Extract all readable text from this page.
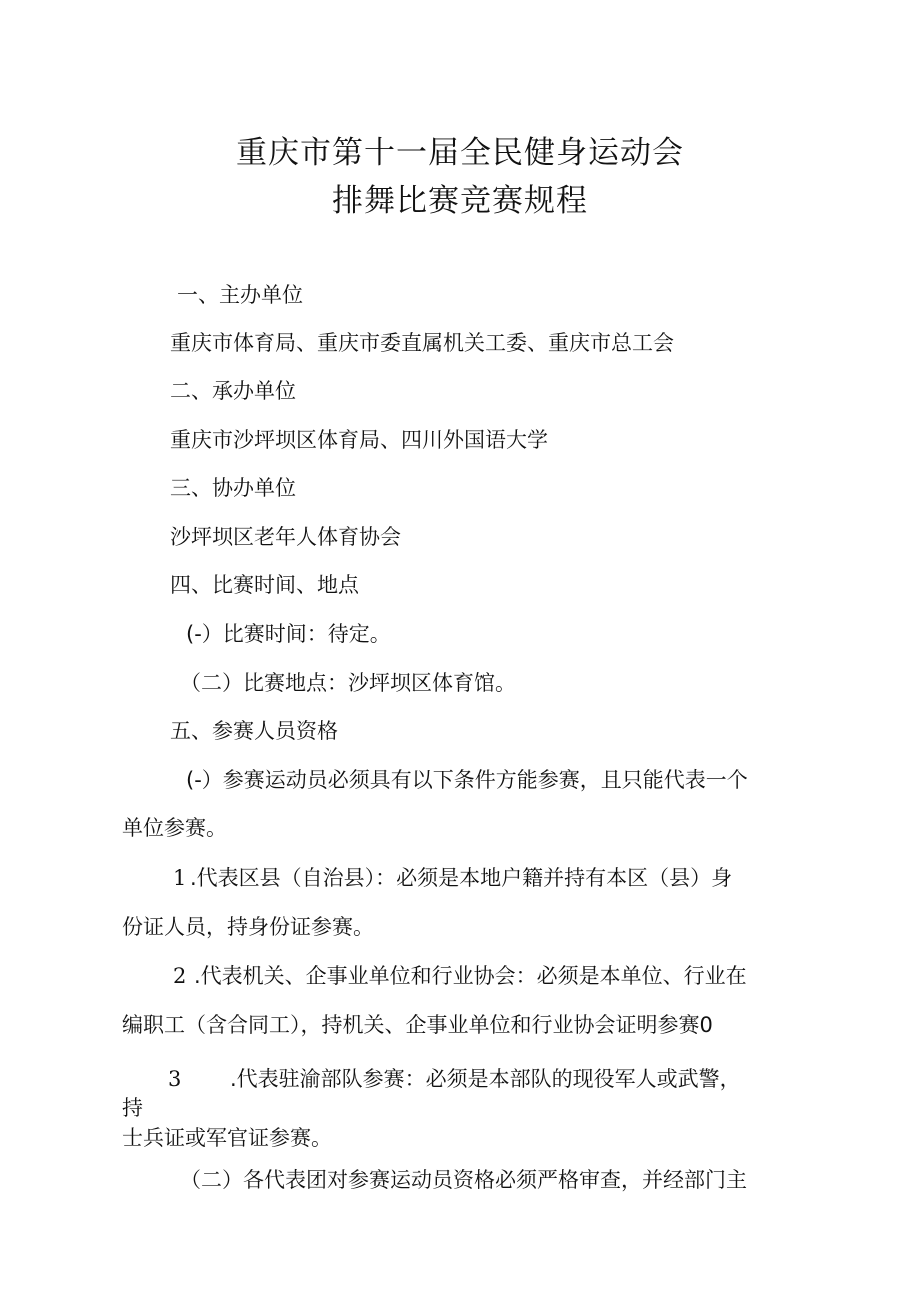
重庆市第十一届全民健身运动会
排舞比赛竞赛规程
一、主办单位
重庆市体育局、重庆市委直属机关工委、重庆市总工会
二、承办单位
重庆市沙坪坝区体育局、四川外国语大学
三、协办单位
沙坪坝区老年人体育协会
四、比赛时间、地点
(-）比赛时间：待定。
（二）比赛地点：沙坪坝区体育馆。
五、参赛人员资格
(-）参赛运动员必须具有以下条件方能参赛，且只能代表一个
单位参赛。
1 .代表区县（自治县）：必须是本地户籍并持有本区（县）身
份证人员，持身份证参赛。
2 .代表机关、企事业单位和行业协会：必须是本单位、行业在
编职工（含合同工），持机关、企事业单位和行业协会证明参赛0
3 .代表驻渝部队参赛：必须是本部队的现役军人或武警，
持
士兵证或军官证参赛。
（二）各代表团对参赛运动员资格必须严格审查，并经部门主
